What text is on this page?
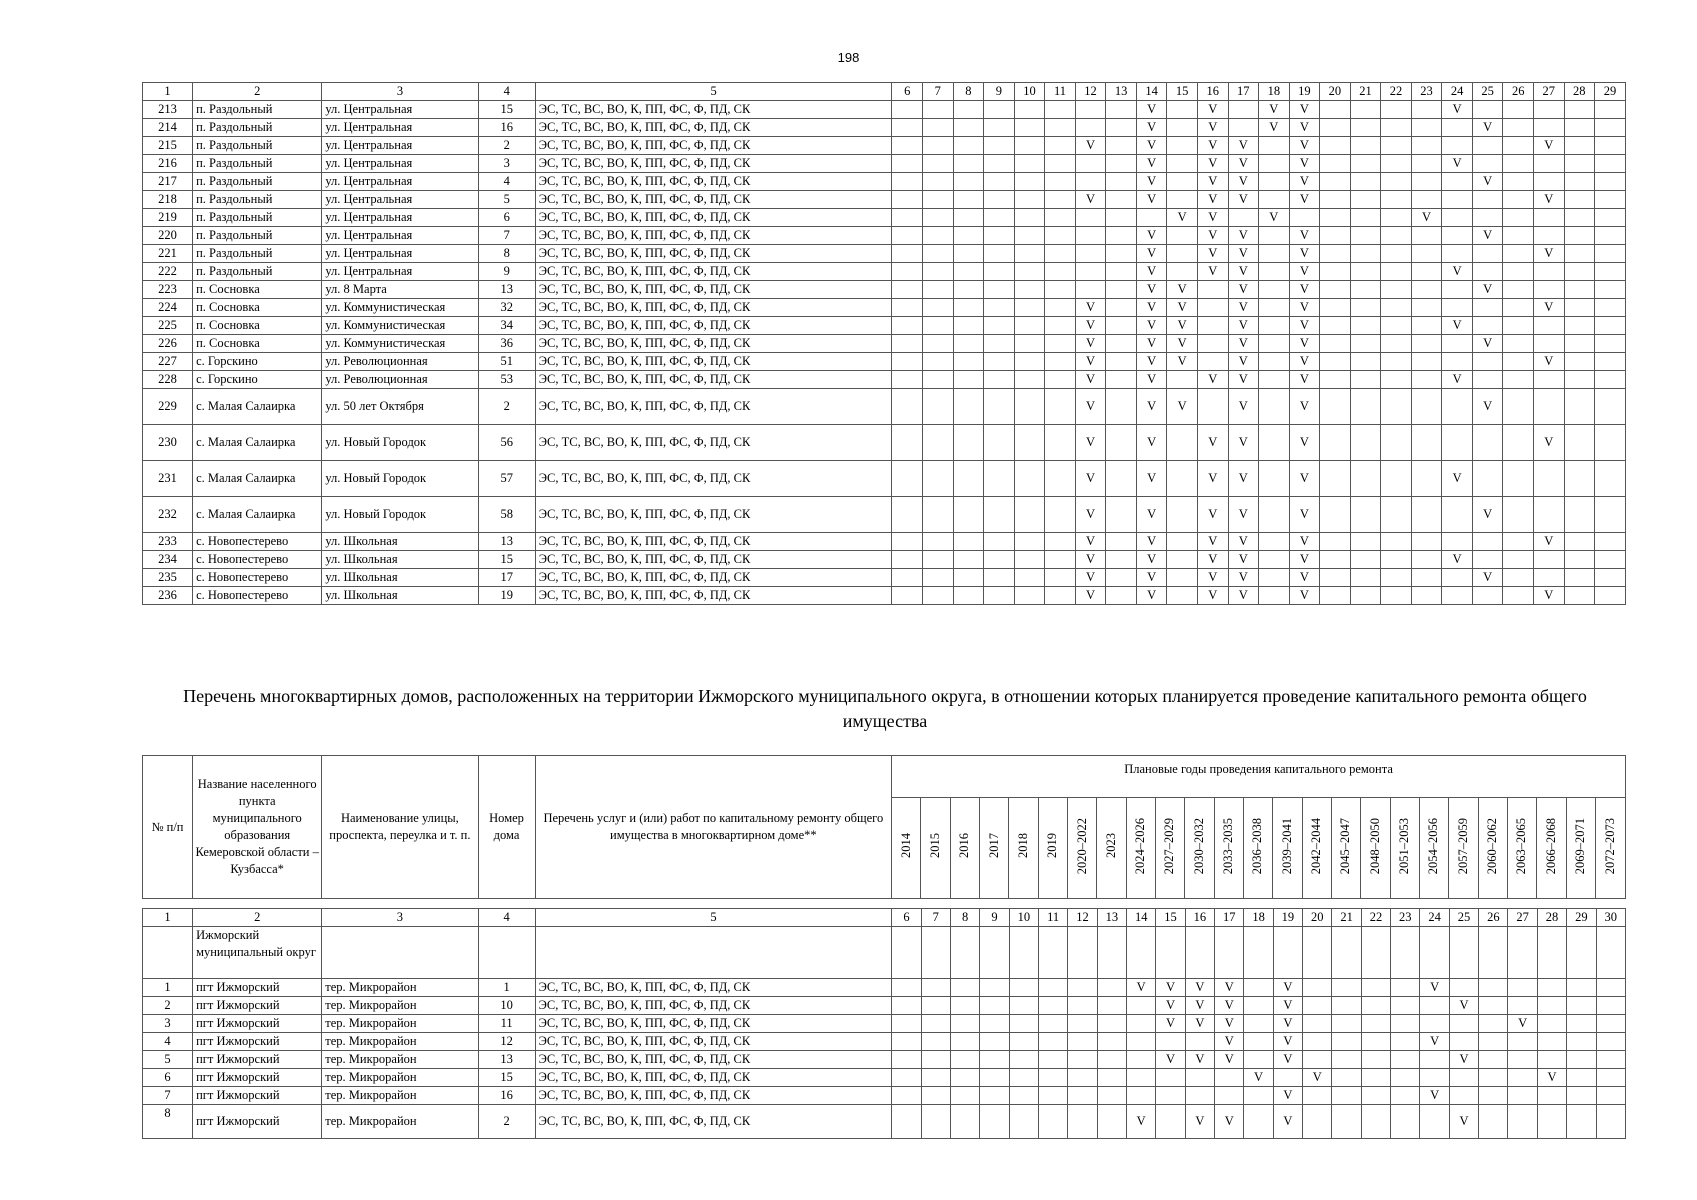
198
1	2	3	4	5	6	7	8	9	10	11	12	13	14	15	16	17	18	19	20	21	22	23	24	25	26	27	28	29
213	п. Раздольный	ул. Центральная	15	ЭС, ТС, ВС, ВО, К, ПП, ФС, Ф, ПД, СК									V		V		V	V					V					
214	п. Раздольный	ул. Центральная	16	ЭС, ТС, ВС, ВО, К, ПП, ФС, Ф, ПД, СК									V		V		V	V						V				
215	п. Раздольный	ул. Центральная	2	ЭС, ТС, ВС, ВО, К, ПП, ФС, Ф, ПД, СК							V		V		V	V		V								V		
216	п. Раздольный	ул. Центральная	3	ЭС, ТС, ВС, ВО, К, ПП, ФС, Ф, ПД, СК									V		V	V		V					V					
217	п. Раздольный	ул. Центральная	4	ЭС, ТС, ВС, ВО, К, ПП, ФС, Ф, ПД, СК									V		V	V		V						V				
218	п. Раздольный	ул. Центральная	5	ЭС, ТС, ВС, ВО, К, ПП, ФС, Ф, ПД, СК							V		V		V	V		V								V		
219	п. Раздольный	ул. Центральная	6	ЭС, ТС, ВС, ВО, К, ПП, ФС, Ф, ПД, СК										V	V		V					V						
220	п. Раздольный	ул. Центральная	7	ЭС, ТС, ВС, ВО, К, ПП, ФС, Ф, ПД, СК									V		V	V		V						V				
221	п. Раздольный	ул. Центральная	8	ЭС, ТС, ВС, ВО, К, ПП, ФС, Ф, ПД, СК									V		V	V		V								V		
222	п. Раздольный	ул. Центральная	9	ЭС, ТС, ВС, ВО, К, ПП, ФС, Ф, ПД, СК									V		V	V		V					V					
223	п. Сосновка	ул. 8 Марта	13	ЭС, ТС, ВС, ВО, К, ПП, ФС, Ф, ПД, СК									V	V		V		V						V				
224	п. Сосновка	ул. Коммунистическая	32	ЭС, ТС, ВС, ВО, К, ПП, ФС, Ф, ПД, СК							V		V	V		V		V								V		
225	п. Сосновка	ул. Коммунистическая	34	ЭС, ТС, ВС, ВО, К, ПП, ФС, Ф, ПД, СК							V		V	V		V		V					V					
226	п. Сосновка	ул. Коммунистическая	36	ЭС, ТС, ВС, ВО, К, ПП, ФС, Ф, ПД, СК							V		V	V		V		V						V				
227	с. Горскино	ул. Революционная	51	ЭС, ТС, ВС, ВО, К, ПП, ФС, Ф, ПД, СК							V		V	V		V		V								V		
228	с. Горскино	ул. Революционная	53	ЭС, ТС, ВС, ВО, К, ПП, ФС, Ф, ПД, СК							V		V		V	V		V					V					
229	с. Малая Салаирка	ул. 50 лет Октября	2	ЭС, ТС, ВС, ВО, К, ПП, ФС, Ф, ПД, СК							V		V	V		V		V						V				
230	с. Малая Салаирка	ул. Новый Городок	56	ЭС, ТС, ВС, ВО, К, ПП, ФС, Ф, ПД, СК							V		V		V	V		V								V		
231	с. Малая Салаирка	ул. Новый Городок	57	ЭС, ТС, ВС, ВО, К, ПП, ФС, Ф, ПД, СК							V		V		V	V		V					V					
232	с. Малая Салаирка	ул. Новый Городок	58	ЭС, ТС, ВС, ВО, К, ПП, ФС, Ф, ПД, СК							V		V		V	V		V						V				
233	с. Новопестерево	ул. Школьная	13	ЭС, ТС, ВС, ВО, К, ПП, ФС, Ф, ПД, СК							V		V		V	V		V								V		
234	с. Новопестерево	ул. Школьная	15	ЭС, ТС, ВС, ВО, К, ПП, ФС, Ф, ПД, СК							V		V		V	V		V					V					
235	с. Новопестерево	ул. Школьная	17	ЭС, ТС, ВС, ВО, К, ПП, ФС, Ф, ПД, СК							V		V		V	V		V						V				
236	с. Новопестерево	ул. Школьная	19	ЭС, ТС, ВС, ВО, К, ПП, ФС, Ф, ПД, СК							V		V		V	V		V								V		
Перечень многоквартирных домов, расположенных на территории Ижморского муниципального округа, в отношении которых планируется проведение капитального ремонта общего имущества
№ п/п	Название населенного пункта муниципального образования Кемеровской области – Кузбасса*	Наименование улицы, проспекта, переулка и т. п.	Номер дома	Перечень услуг и (или) работ по капитальному ремонту общего имущества в многоквартирном доме**	Плановые годы проведения капитального ремонта																								
					2014	2015	2016	2017	2018	2019	2020–2022	2023	2024–2026	2027–2029	2030–2032	2033–2035	2036–2038	2039–2041	2042–2044	2045–2047	2048–2050	2051–2053	2054–2056	2057–2059	2060–2062	2063–2065	2066–2068	2069–2071	2072–2073
1	2	3	4	5	6	7	8	9	10	11	12	13	14	15	16	17	18	19	20	21	22	23	24	25	26	27	28	29	30
	Ижморский муниципальный округ																												
1	пгт Ижморский	тер. Микрорайон	1	ЭС, ТС, ВС, ВО, К, ПП, ФС, Ф, ПД, СК									V	V	V	V		V					V						
2	пгт Ижморский	тер. Микрорайон	10	ЭС, ТС, ВС, ВО, К, ПП, ФС, Ф, ПД, СК										V	V	V		V						V					
3	пгт Ижморский	тер. Микрорайон	11	ЭС, ТС, ВС, ВО, К, ПП, ФС, Ф, ПД, СК										V	V	V		V								V			
4	пгт Ижморский	тер. Микрорайон	12	ЭС, ТС, ВС, ВО, К, ПП, ФС, Ф, ПД, СК												V		V					V						
5	пгт Ижморский	тер. Микрорайон	13	ЭС, ТС, ВС, ВО, К, ПП, ФС, Ф, ПД, СК										V	V	V		V						V					
6	пгт Ижморский	тер. Микрорайон	15	ЭС, ТС, ВС, ВО, К, ПП, ФС, Ф, ПД, СК													V		V								V		
7	пгт Ижморский	тер. Микрорайон	16	ЭС, ТС, ВС, ВО, К, ПП, ФС, Ф, ПД, СК														V					V						
8	пгт Ижморский	тер. Микрорайон	2	ЭС, ТС, ВС, ВО, К, ПП, ФС, Ф, ПД, СК									V		V	V		V						V					
